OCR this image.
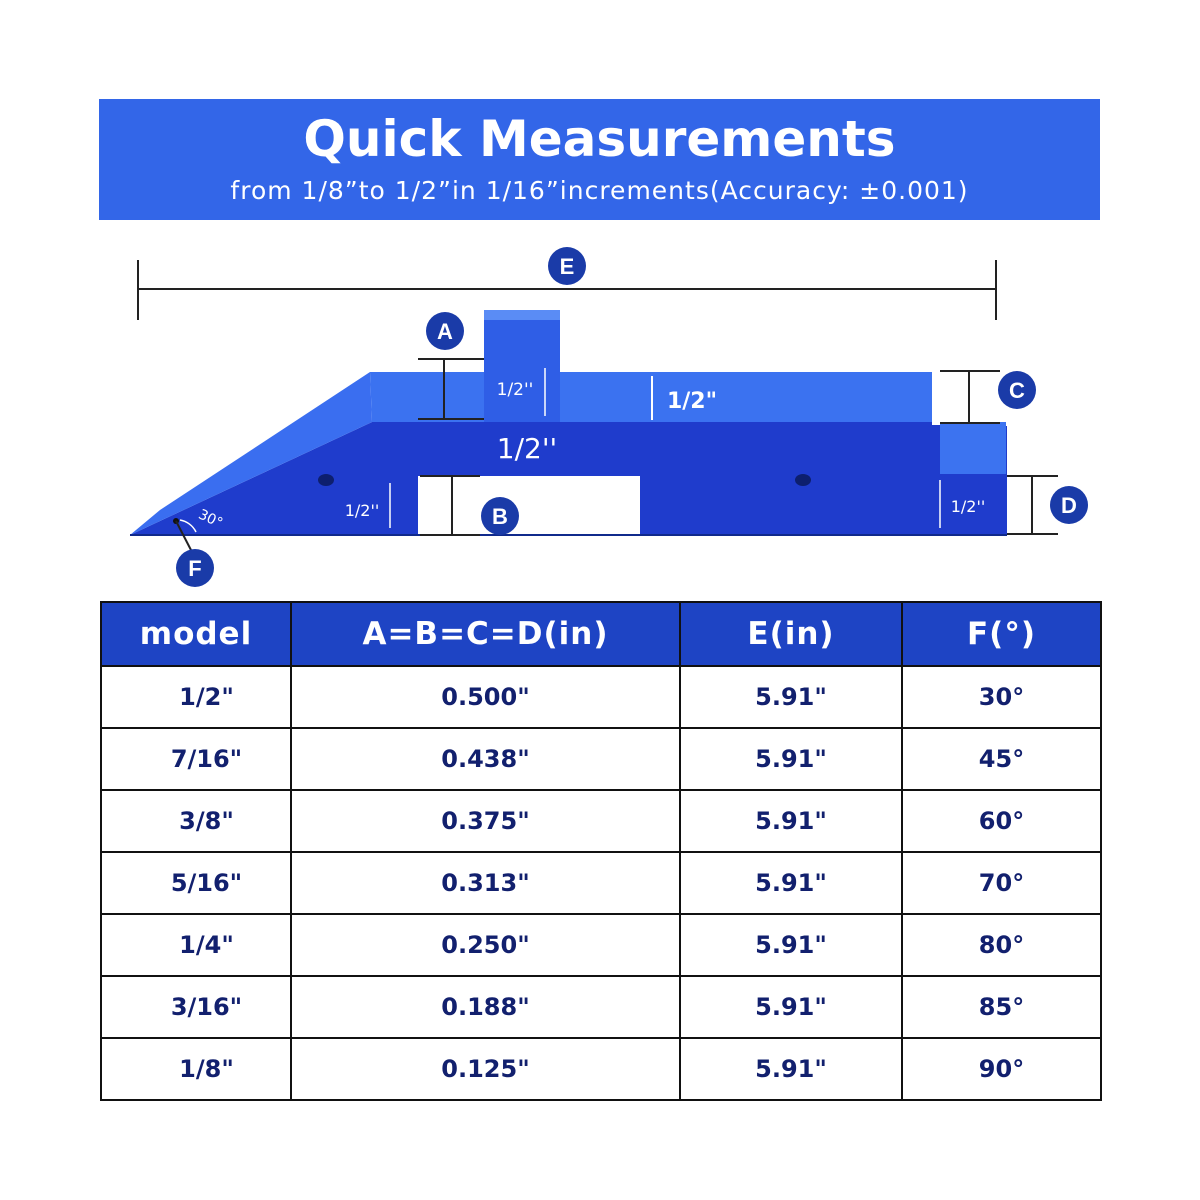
Quick Measurements
from 1/8”to 1/2”in 1/16”increments(Accuracy: ±0.001)
E
1/2''	1/2"
1/2''
1/2''	1/2''
30°
A
B
C
D
F
model	A=B=C=D(in)	E(in)	F(°)
1/2"	0.500"	5.91"	30°
7/16"	0.438"	5.91"	45°
3/8"	0.375"	5.91"	60°
5/16"	0.313"	5.91"	70°
1/4"	0.250"	5.91"	80°
3/16"	0.188"	5.91"	85°
1/8"	0.125"	5.91"	90°
